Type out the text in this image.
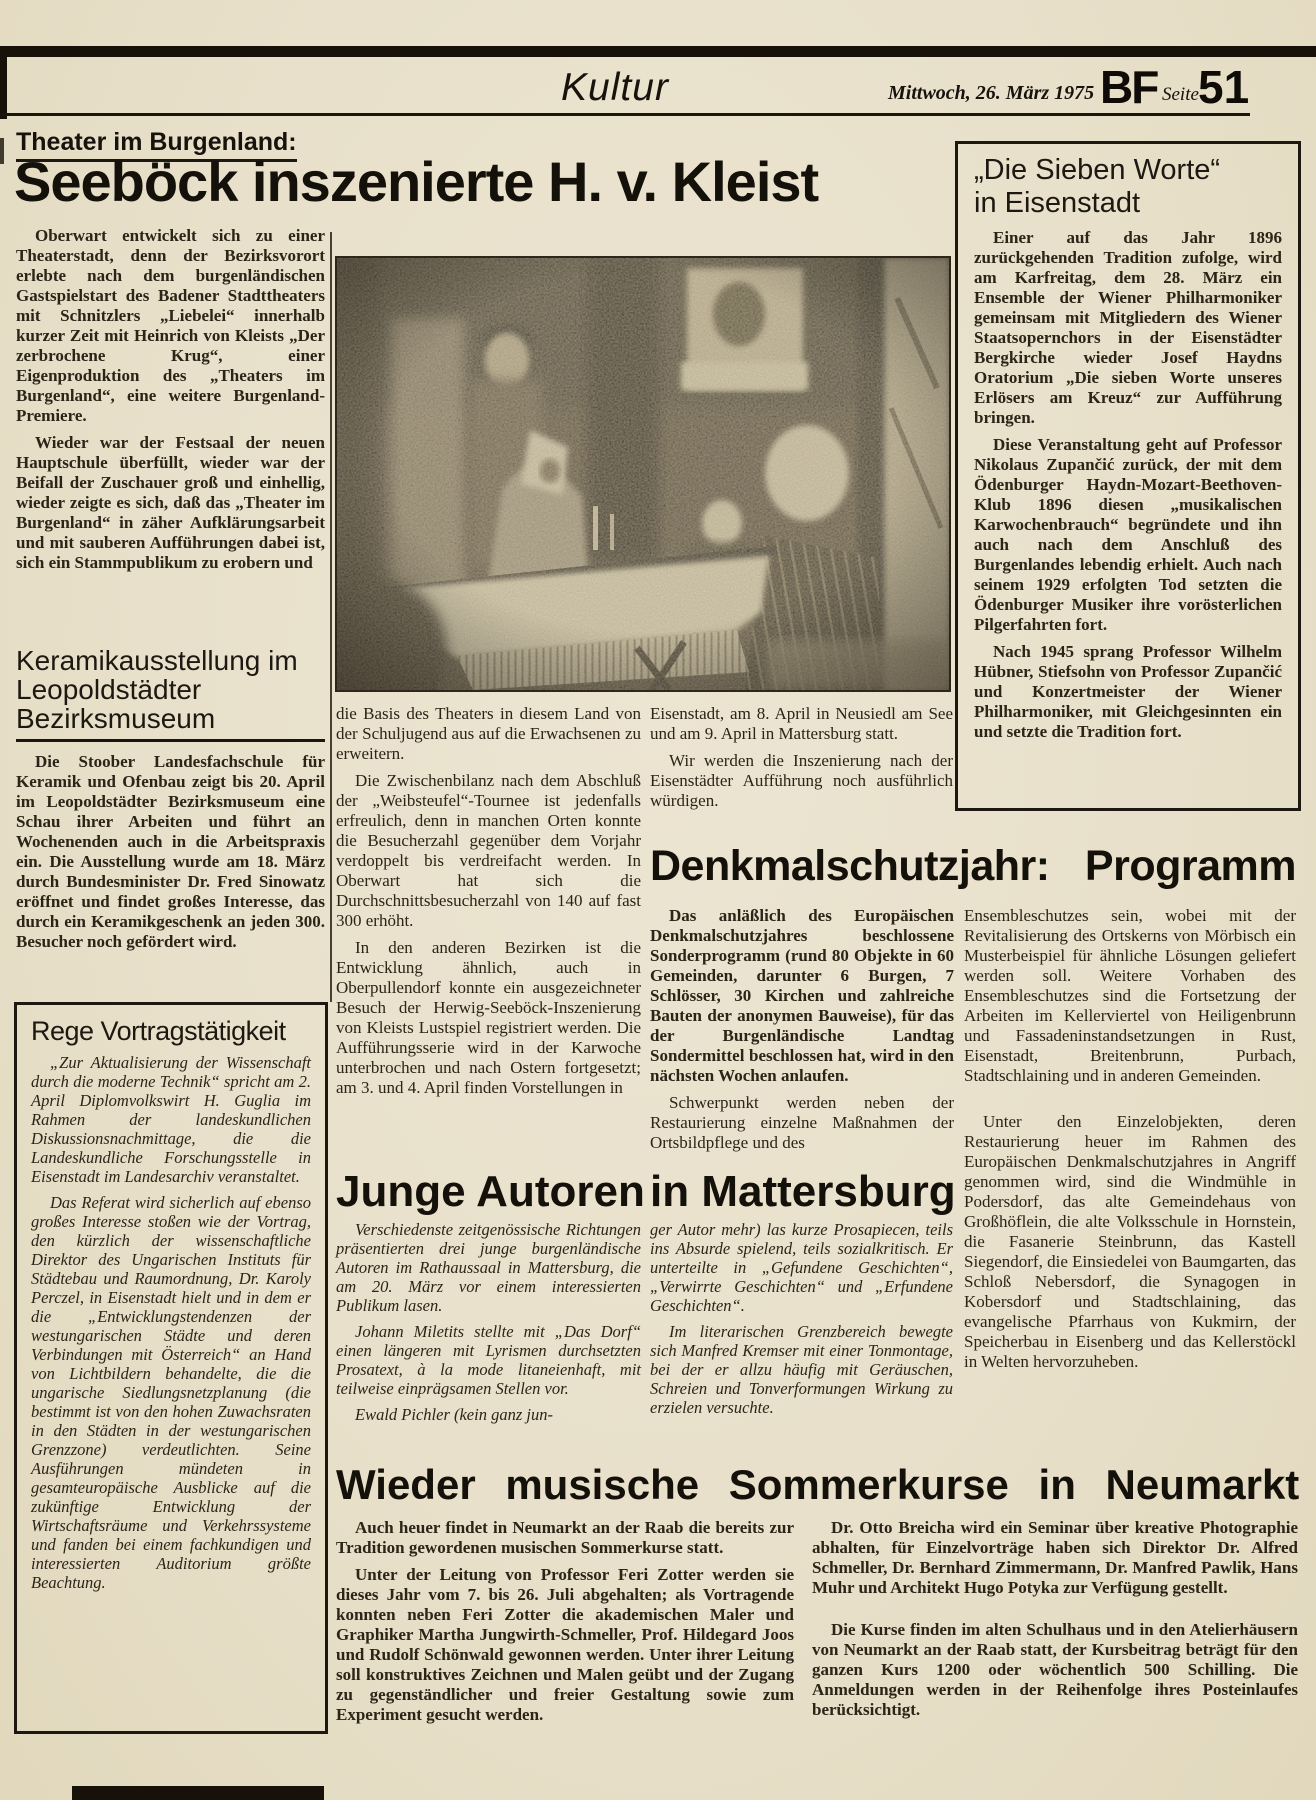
Kultur	Mittwoch, 26. März 1975 BF Seite 51
Theater im Burgenland:
Seeböck inszenierte H. v. Kleist

Oberwart entwickelt sich zu einer Theaterstadt, denn der Bezirksvorort erlebte nach dem burgenländischen Gastspielstart des Badener Stadttheaters mit Schnitzlers „Liebelei“ innerhalb kurzer Zeit mit Heinrich von Kleists „Der zerbrochene Krug“, einer Eigenproduktion des „Theaters im Burgenland“, eine weitere Burgenland-Premiere.

Wieder war der Festsaal der neuen Hauptschule überfüllt, wieder war der Beifall der Zuschauer groß und einhellig, wieder zeigte es sich, daß das „Theater im Burgenland“ in zäher Aufklärungsarbeit und mit sauberen Aufführungen dabei ist, sich ein Stammpublikum zu erobern und

die Basis des Theaters in diesem Land von der Schuljugend aus auf die Erwachsenen zu erweitern.

Die Zwischenbilanz nach dem Abschluß der „Weibsteufel“-Tournee ist jedenfalls erfreulich, denn in manchen Orten konnte die Besucherzahl gegenüber dem Vorjahr verdoppelt bis verdreifacht werden. In Oberwart hat sich die Durchschnittsbesucherzahl von 140 auf fast 300 erhöht.

In den anderen Bezirken ist die Entwicklung ähnlich, auch in Oberpullendorf konnte ein ausgezeichneter Besuch der Herwig-Seeböck-Inszenierung von Kleists Lustspiel registriert werden. Die Aufführungsserie wird in der Karwoche unterbrochen und nach Ostern fortgesetzt; am 3. und 4. April finden Vorstellungen in

Eisenstadt, am 8. April in Neusiedl am See und am 9. April in Mattersburg statt.

Wir werden die Inszenierung nach der Eisenstädter Aufführung noch ausführlich würdigen.

„Die Sieben Worte“
in Eisenstadt

Einer auf das Jahr 1896 zurückgehenden Tradition zufolge, wird am Karfreitag, dem 28. März ein Ensemble der Wiener Philharmoniker gemeinsam mit Mitgliedern des Wiener Staatsopernchors in der Eisenstädter Bergkirche wieder Josef Haydns Oratorium „Die sieben Worte unseres Erlösers am Kreuz“ zur Aufführung bringen.

Diese Veranstaltung geht auf Professor Nikolaus Zupančić zurück, der mit dem Ödenburger Haydn-Mozart-Beethoven-Klub 1896 diesen „musikalischen Karwochenbrauch“ begründete und ihn auch nach dem Anschluß des Burgenlandes lebendig erhielt. Auch nach seinem 1929 erfolgten Tod setzten die Ödenburger Musiker ihre vorösterlichen Pilgerfahrten fort.

Nach 1945 sprang Professor Wilhelm Hübner, Stiefsohn von Professor Zupančić und Konzertmeister der Wiener Philharmoniker, mit Gleichgesinnten ein und setzte die Tradition fort.

Keramikausstellung im
Leopoldstädter
Bezirksmuseum

Die Stoober Landesfachschule für Keramik und Ofenbau zeigt bis 20. April im Leopoldstädter Bezirksmuseum eine Schau ihrer Arbeiten und führt an Wochenenden auch in die Arbeitspraxis ein. Die Ausstellung wurde am 18. März durch Bundesminister Dr. Fred Sinowatz eröffnet und findet großes Interesse, das durch ein Keramikgeschenk an jeden 300. Besucher noch gefördert wird.

Rege Vortragstätigkeit

„Zur Aktualisierung der Wissenschaft durch die moderne Technik“ spricht am 2. April Diplomvolkswirt H. Guglia im Rahmen der landeskundlichen Diskussionsnachmittage, die die Landeskundliche Forschungsstelle in Eisenstadt im Landesarchiv veranstaltet.

Das Referat wird sicherlich auf ebenso großes Interesse stoßen wie der Vortrag, den kürzlich der wissenschaftliche Direktor des Ungarischen Instituts für Städtebau und Raumordnung, Dr. Karoly Perczel, in Eisenstadt hielt und in dem er die „Entwicklungstendenzen der westungarischen Städte und deren Verbindungen mit Österreich“ an Hand von Lichtbildern behandelte, die die ungarische Siedlungsnetzplanung (die bestimmt ist von den hohen Zuwachsraten in den Städten in der westungarischen Grenzzone) verdeutlichten. Seine Ausführungen mündeten in gesamteuropäische Ausblicke auf die zukünftige Entwicklung der Wirtschaftsräume und Verkehrssysteme und fanden bei einem fachkundigen und interessierten Auditorium größte Beachtung.

Denkmalschutzjahr: Programm

Das anläßlich des Europäischen Denkmalschutzjahres beschlossene Sonderprogramm (rund 80 Objekte in 60 Gemeinden, darunter 6 Burgen, 7 Schlösser, 30 Kirchen und zahlreiche Bauten der anonymen Bauweise), für das der Burgenländische Landtag Sondermittel beschlossen hat, wird in den nächsten Wochen anlaufen.

Schwerpunkt werden neben der Restaurierung einzelne Maßnahmen der Ortsbildpflege und des

Ensembleschutzes sein, wobei mit der Revitalisierung des Ortskerns von Mörbisch ein Musterbeispiel für ähnliche Lösungen geliefert werden soll. Weitere Vorhaben des Ensembleschutzes sind die Fortsetzung der Arbeiten im Kellerviertel von Heiligenbrunn und Fassadeninstandsetzungen in Rust, Eisenstadt, Breitenbrunn, Purbach, Stadtschlaining und in anderen Gemeinden.

Unter den Einzelobjekten, deren Restaurierung heuer im Rahmen des Europäischen Denkmalschutzjahres in Angriff genommen wird, sind die Windmühle in Podersdorf, das alte Gemeindehaus von Großhöflein, die alte Volksschule in Hornstein, die Fasanerie Steinbrunn, das Kastell Siegendorf, die Einsiedelei von Baumgarten, das Schloß Nebersdorf, die Synagogen in Kobersdorf und Stadtschlaining, das evangelische Pfarrhaus von Kukmirn, der Speicherbau in Eisenberg und das Kellerstöckl in Welten hervorzuheben.

Junge Autoren in Mattersburg

Verschiedenste zeitgenössische Richtungen präsentierten drei junge burgenländische Autoren im Rathaussaal in Mattersburg, die am 20. März vor einem interessierten Publikum lasen.

Johann Miletits stellte mit „Das Dorf“ einen längeren mit Lyrismen durchsetzten Prosatext, à la mode litaneienhaft, mit teilweise einprägsamen Stellen vor.

Ewald Pichler (kein ganz jun-

ger Autor mehr) las kurze Prosapiecen, teils ins Absurde spielend, teils sozialkritisch. Er unterteilte in „Gefundene Geschichten“, „Verwirrte Geschichten“ und „Erfundene Geschichten“.

Im literarischen Grenzbereich bewegte sich Manfred Kremser mit einer Tonmontage, bei der er allzu häufig mit Geräuschen, Schreien und Tonverformungen Wirkung zu erzielen versuchte.

Wieder musische Sommerkurse in Neumarkt

Auch heuer findet in Neumarkt an der Raab die bereits zur Tradition gewordenen musischen Sommerkurse statt.

Unter der Leitung von Professor Feri Zotter werden sie dieses Jahr vom 7. bis 26. Juli abgehalten; als Vortragende konnten neben Feri Zotter die akademischen Maler und Graphiker Martha Jungwirth-Schmeller, Prof. Hildegard Joos und Rudolf Schönwald gewonnen werden. Unter ihrer Leitung soll konstruktives Zeichnen und Malen geübt und der Zugang zu gegenständlicher und freier Gestaltung sowie zum Experiment gesucht werden.

Dr. Otto Breicha wird ein Seminar über kreative Photographie abhalten, für Einzelvorträge haben sich Direktor Dr. Alfred Schmeller, Dr. Bernhard Zimmermann, Dr. Manfred Pawlik, Hans Muhr und Architekt Hugo Potyka zur Verfügung gestellt.

Die Kurse finden im alten Schulhaus und in den Atelierhäusern von Neumarkt an der Raab statt, der Kursbeitrag beträgt für den ganzen Kurs 1200 oder wöchentlich 500 Schilling. Die Anmeldungen werden in der Reihenfolge ihres Posteinlaufes berücksichtigt.
